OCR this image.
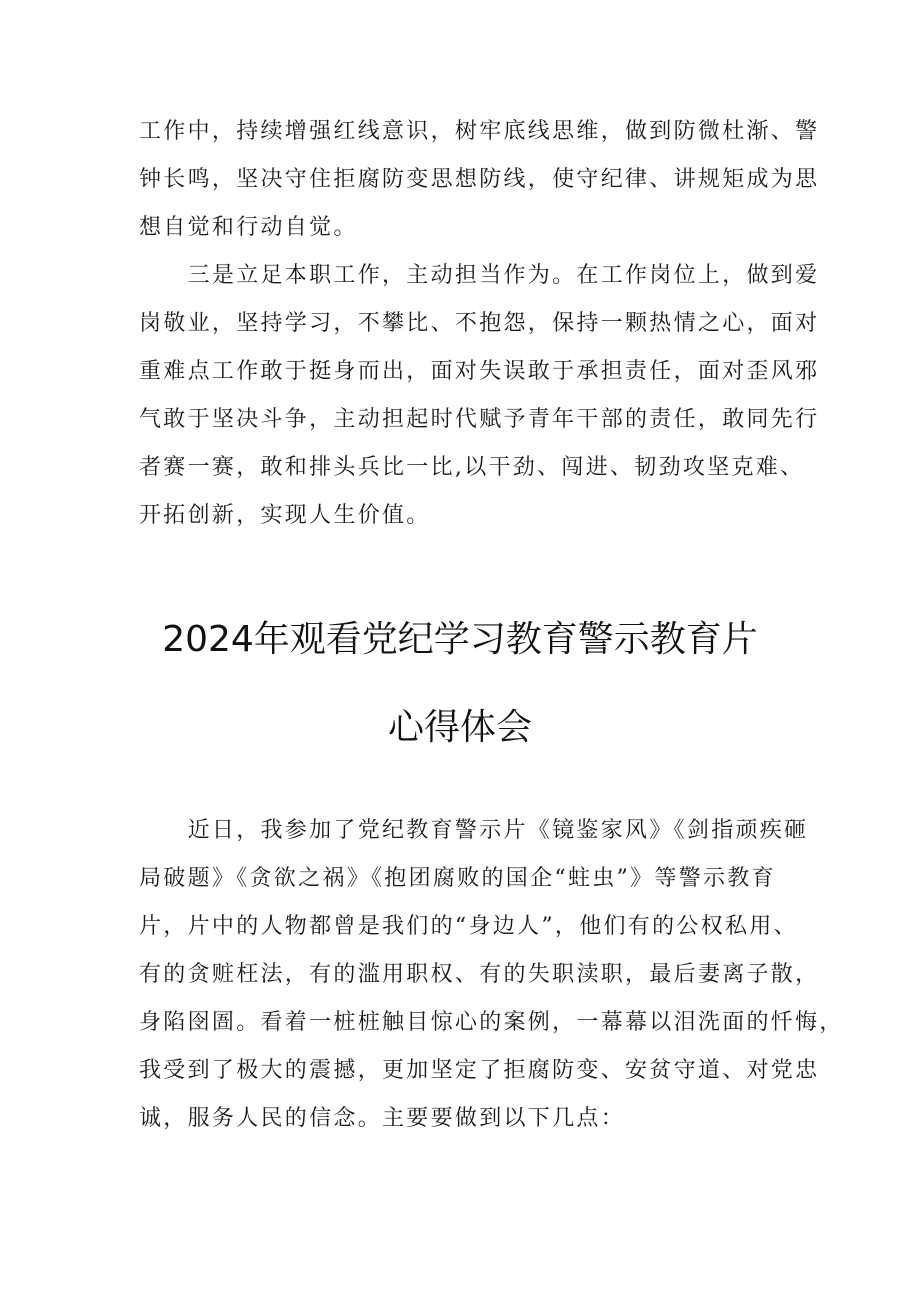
工作中，持续增强红线意识，树牢底线思维，做到防微杜渐、警
钟长鸣，坚决守住拒腐防变思想防线，使守纪律、讲规矩成为思
想自觉和行动自觉。
　　三是立足本职工作，主动担当作为。在工作岗位上，做到爱
岗敬业，坚持学习，不攀比、不抱怨，保持一颗热情之心，面对
重难点工作敢于挺身而出，面对失误敢于承担责任，面对歪风邪
气敢于坚决斗争，主动担起时代赋予青年干部的责任，敢同先行
者赛一赛，敢和排头兵比一比,以干劲、闯进、韧劲攻坚克难、
开拓创新，实现人生价值。
2024年观看党纪学习教育警示教育片
心得体会
　　近日，我参加了党纪教育警示片《镜鉴家风》《剑指顽疾砸
局破题》《贪欲之祸》《抱团腐败的国企“蛀虫”》等警示教育
片，片中的人物都曾是我们的“身边人”，他们有的公权私用、
有的贪赃枉法，有的滥用职权、有的失职渎职，最后妻离子散，
身陷囹圄。看着一桩桩触目惊心的案例，一幕幕以泪洗面的忏悔，
我受到了极大的震撼，更加坚定了拒腐防变、安贫守道、对党忠
诚，服务人民的信念。主要要做到以下几点：
